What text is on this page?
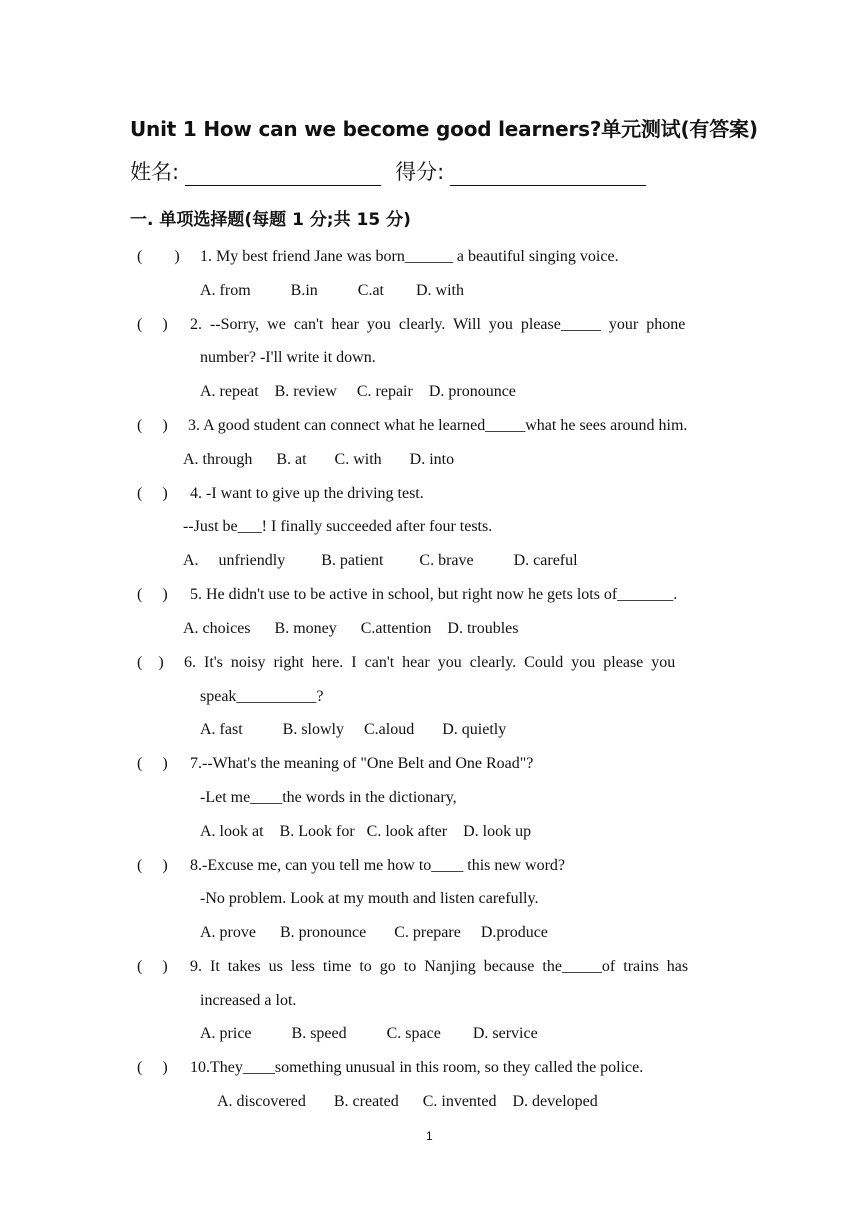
Unit 1 How can we become good learners?单元测试(有答案)
姓名:	得分:
一. 单项选择题(每题 1 分;共 15 分)
(        ) 1. My best friend Jane was born______ a beautiful singing voice.
A. from          B.in          C.at        D. with
(     ) 2.  --Sorry,  we  can't  hear  you  clearly.  Will  you  please_____  your  phone
number? -I'll write it down.
A. repeat    B. review     C. repair    D. pronounce
(     ) 3. A good student can connect what he learned_____what he sees around him.
A. through      B. at       C. with       D. into
(     ) 4. -I want to give up the driving test.
--Just be___! I finally succeeded after four tests.
A.     unfriendly         B. patient         C. brave          D. careful
(     ) 5. He didn't use to be active in school, but right now he gets lots of_______.
A. choices      B. money      C.attention    D. troubles
(    ) 6.  It's  noisy  right  here.  I  can't  hear  you  clearly.  Could  you  please  you
speak__________?
A. fast          B. slowly     C.aloud       D. quietly
(     ) 7.--What's the meaning of "One Belt and One Road"?
-Let me____the words in the dictionary,
A. look at    B. Look for   C. look after    D. look up
(     ) 8.-Excuse me, can you tell me how to____ this new word?
-No problem. Look at my mouth and listen carefully.
A. prove      B. pronounce       C. prepare     D.produce
(     ) 9.  It  takes  us  less  time  to  go  to  Nanjing  because  the_____of  trains  has
increased a lot.
A. price          B. speed          C. space        D. service
(     ) 10.They____something unusual in this room, so they called the police.
A. discovered       B. created      C. invented    D. developed
1
